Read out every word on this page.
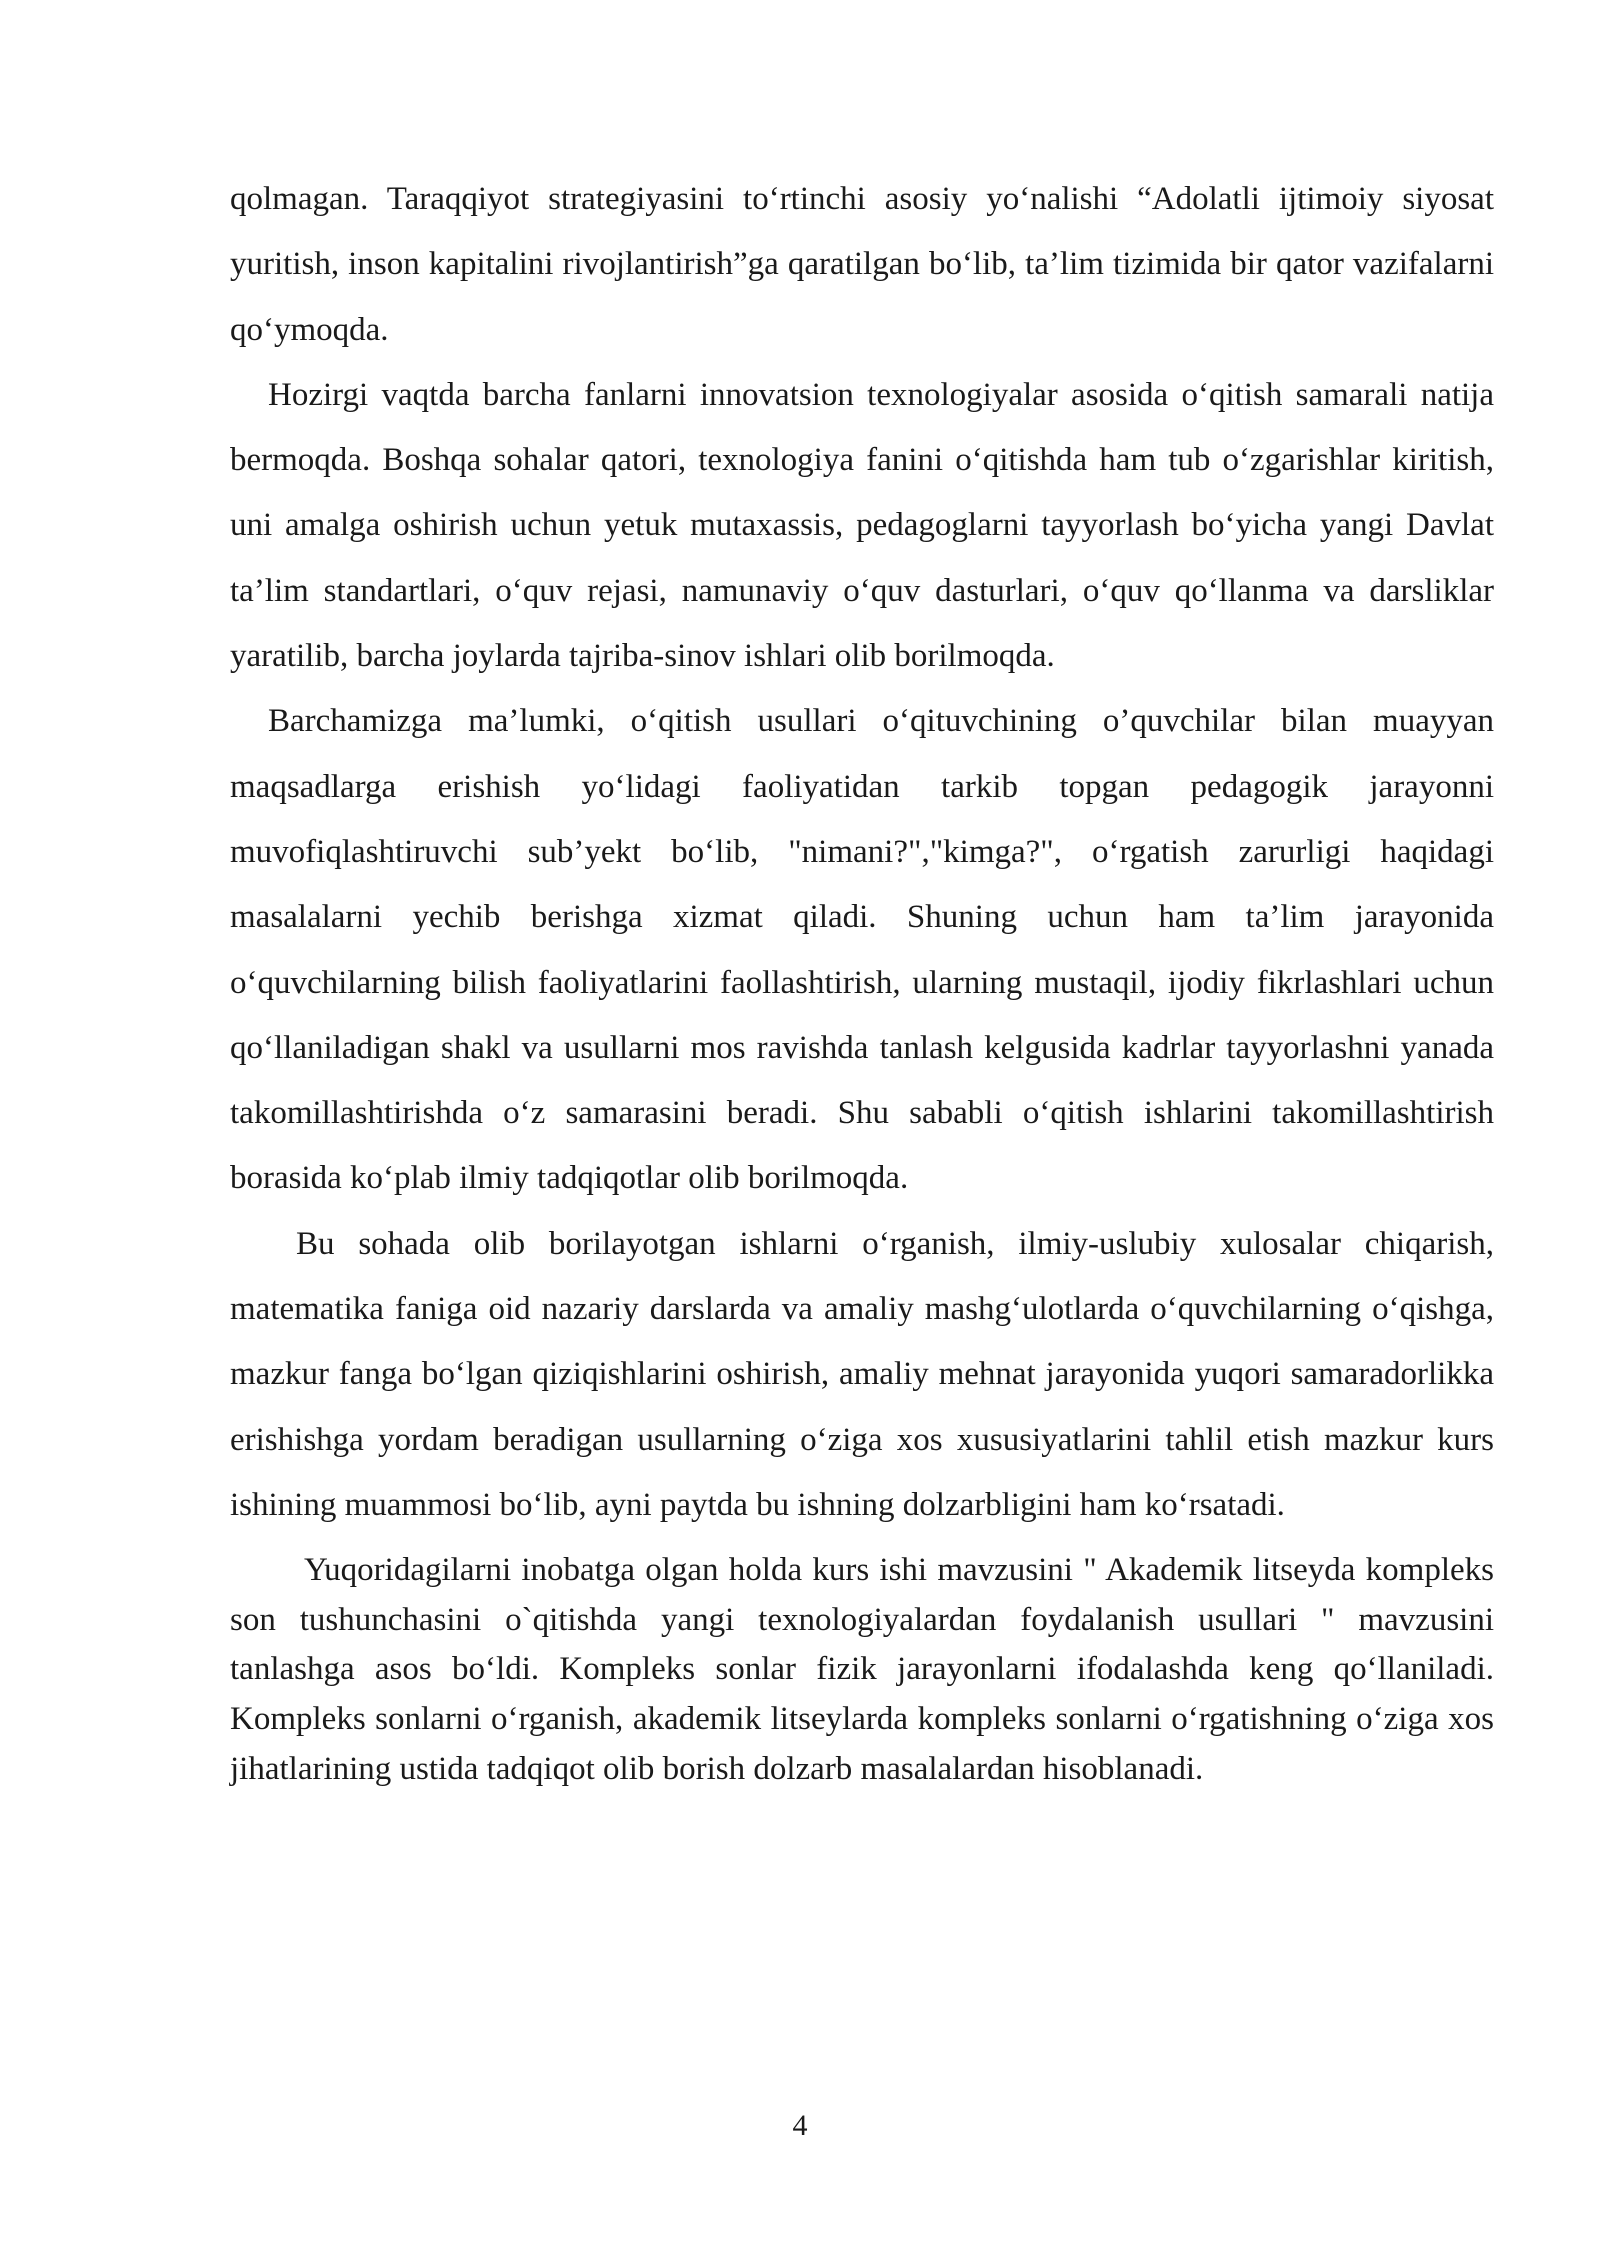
qolmagan. Taraqqiyot strategiyasini to‘rtinchi asosiy yo‘nalishi “Adolatli ijtimoiy siyosat yuritish, inson kapitalini rivojlantirish”ga qaratilgan bo‘lib, ta’lim tizimida bir qator vazifalarni qo‘ymoqda.

Hozirgi vaqtda barcha fanlarni innovatsion texnologiyalar asosida o‘qitish samarali natija bermoqda. Boshqa sohalar qatori, texnologiya fanini o‘qitishda ham tub o‘zgarishlar kiritish, uni amalga oshirish uchun yetuk mutaxassis, pedagoglarni tayyorlash bo‘yicha yangi Davlat ta’lim standartlari, o‘quv rejasi, namunaviy o‘quv dasturlari, o‘quv qo‘llanma va darsliklar yaratilib, barcha joylarda tajriba-sinov ishlari olib borilmoqda.

Barchamizga ma’lumki, o‘qitish usullari o‘qituvchining o’quvchilar bilan muayyan maqsadlarga erishish yo‘lidagi faoliyatidan tarkib topgan pedagogik jarayonni muvofiqlashtiruvchi sub’yekt bo‘lib, "nimani?","kimga?", o‘rgatish zarurligi haqidagi masalalarni yechib berishga xizmat qiladi. Shuning uchun ham ta’lim jarayonida o‘quvchilarning bilish faoliyatlarini faollashtirish, ularning mustaqil, ijodiy fikrlashlari uchun qo‘llaniladigan shakl va usullarni mos ravishda tanlash kelgusida kadrlar tayyorlashni yanada takomillashtirishda o‘z samarasini beradi. Shu sababli o‘qitish ishlarini takomillashtirish borasida ko‘plab ilmiy tadqiqotlar olib borilmoqda.

Bu sohada olib borilayotgan ishlarni o‘rganish, ilmiy-uslubiy xulosalar chiqarish, matematika faniga oid nazariy darslarda va amaliy mashg‘ulotlarda o‘quvchilarning o‘qishga, mazkur fanga bo‘lgan qiziqishlarini oshirish, amaliy mehnat jarayonida yuqori samaradorlikka erishishga yordam beradigan usullarning o‘ziga xos xususiyatlarini tahlil etish mazkur kurs ishining muammosi bo‘lib, ayni paytda bu ishning dolzarbligini ham ko‘rsatadi.

Yuqoridagilarni inobatga olgan holda kurs ishi mavzusini " Akademik litseyda kompleks son tushunchasini o`qitishda yangi texnologiyalardan foydalanish usullari " mavzusini tanlashga asos bo‘ldi. Kompleks sonlar fizik jarayonlarni ifodalashda keng qo‘llaniladi. Kompleks sonlarni o‘rganish, akademik litseylarda kompleks sonlarni o‘rgatishning o‘ziga xos jihatlarining ustida tadqiqot olib borish dolzarb masalalardan hisoblanadi.

4
